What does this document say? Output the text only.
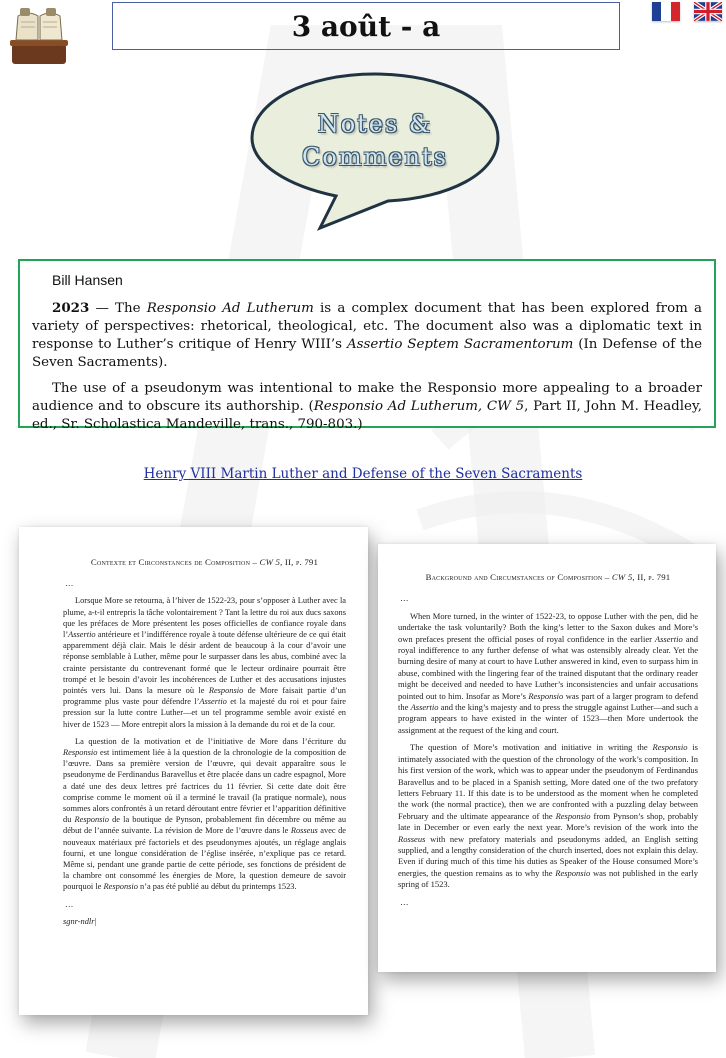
3 août - a
Notes &
Comments

Bill Hansen

2023 — The Responsio Ad Lutherum is a complex document that has been explored from a variety of perspectives: rhetorical, theological, etc. The document also was a diplomatic text in response to Luther’s critique of Henry WIII’s Assertio Septem Sacramentorum (In Defense of the Seven Sacraments).

The use of a pseudonym was intentional to make the Responsio more appealing to a broader audience and to obscure its authorship. (Responsio Ad Lutherum, CW 5, Part II, John M. Headley, ed., Sr. Scholastica Mandeville, trans., 790-803.)

Henry VIII Martin Luther and Defense of the Seven Sacraments
Contexte et Circonstances de Composition – CW 5, II, p. 791

…

Lorsque More se retourna, à l’hiver de 1522-23, pour s’opposer à Luther avec la plume, a-t-il entrepris la tâche volontairement ? Tant la lettre du roi aux ducs saxons que les préfaces de More présentent les poses officielles de confiance royale dans l’Assertio antérieure et l’indifférence royale à toute défense ultérieure de ce qui était apparemment déjà clair. Mais le désir ardent de beaucoup à la cour d’avoir une réponse semblable à Luther, même pour le surpasser dans les abus, combiné avec la crainte persistante du contrevenant formé que le lecteur ordinaire pourrait être trompé et le besoin d’avoir les incohérences de Luther et des accusations injustes pointés vers lui. Dans la mesure où le Responsio de More faisait partie d’un programme plus vaste pour défendre l’Assertio et la majesté du roi et pour faire pression sur la lutte contre Luther—et un tel programme semble avoir existé en hiver de 1523 — More entrepit alors la mission à la demande du roi et de la cour.

La question de la motivation et de l’initiative de More dans l’écriture du Responsio est intimement liée à la question de la chronologie de la composition de l’œuvre. Dans sa première version de l’œuvre, qui devait apparaître sous le pseudonyme de Ferdinandus Baravellus et être placée dans un cadre espagnol, More a daté une des deux lettres pré factrices du 11 février. Si cette date doit être comprise comme le moment où il a terminé le travail (la pratique normale), nous sommes alors confrontés à un retard déroutant entre février et l’apparition définitive du Responsio de la boutique de Pynson, probablement fin décembre ou même au début de l’année suivante. La révision de More de l’œuvre dans le Rosseus avec de nouveaux matériaux pré factoriels et des pseudonymes ajoutés, un réglage anglais fourni, et une longue considération de l’église insérée, n’explique pas ce retard. Même si, pendant une grande partie de cette période, ses fonctions de président de la chambre ont consommé les énergies de More, la question demeure de savoir pourquoi le Responsio n’a pas été publié au début du printemps 1523.

…

sgnr-ndlr|

Background and Circumstances of Composition – CW 5, II, p. 791

…

When More turned, in the winter of 1522-23, to oppose Luther with the pen, did he undertake the task voluntarily? Both the king’s letter to the Saxon dukes and More’s own prefaces present the official poses of royal confidence in the earlier Assertio and royal indifference to any further defense of what was ostensibly already clear. Yet the burning desire of many at court to have Luther answered in kind, even to surpass him in abuse, combined with the lingering fear of the trained disputant that the ordinary reader might be deceived and needed to have Luther’s inconsistencies and unfair accusations pointed out to him. Insofar as More’s Responsio was part of a larger program to defend the Assertio and the king’s majesty and to press the struggle against Luther—and such a program appears to have existed in the winter of 1523—then More undertook the assignment at the request of the king and court.

The question of More’s motivation and initiative in writing the Responsio is intimately associated with the question of the chronology of the work’s composition. In his first version of the work, which was to appear under the pseudonym of Ferdinandus Baravellus and to be placed in a Spanish setting, More dated one of the two prefatory letters February 11. If this date is to be understood as the moment when he completed the work (the normal practice), then we are confronted with a puzzling delay between February and the ultimate appearance of the Responsio from Pynson’s shop, probably late in December or even early the next year. More’s revision of the work into the Rosseus with new prefatory materials and pseudonyms added, an English setting supplied, and a lengthy consideration of the church inserted, does not explain this delay. Even if during much of this time his duties as Speaker of the House consumed More’s energies, the question remains as to why the Responsio was not published in the early spring of 1523.

…
